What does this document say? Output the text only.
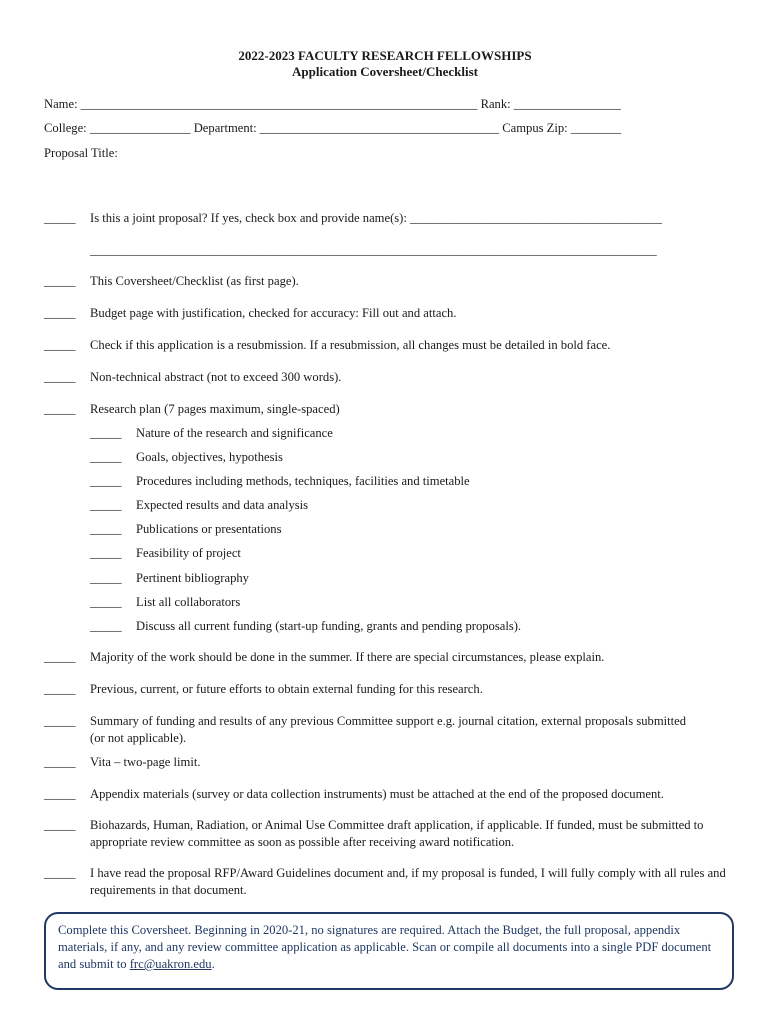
2022-2023 FACULTY RESEARCH FELLOWSHIPS
Application Coversheet/Checklist
Name: _______________________________________________________________ Rank: _________________
College: ________________ Department: ______________________________________ Campus Zip: ________
Proposal Title:
_____ Is this a joint proposal? If yes, check box and provide name(s): ________________________________________
__________________________________________________________________________________________
_____ This Coversheet/Checklist (as first page).
_____ Budget page with justification, checked for accuracy: Fill out and attach.
_____ Check if this application is a resubmission. If a resubmission, all changes must be detailed in bold face.
_____ Non-technical abstract (not to exceed 300 words).
_____ Research plan (7 pages maximum, single-spaced)
_____ Nature of the research and significance
_____ Goals, objectives, hypothesis
_____ Procedures including methods, techniques, facilities and timetable
_____ Expected results and data analysis
_____ Publications or presentations
_____ Feasibility of project
_____ Pertinent bibliography
_____ List all collaborators
_____ Discuss all current funding (start-up funding, grants and pending proposals).
_____ Majority of the work should be done in the summer. If there are special circumstances, please explain.
_____ Previous, current, or future efforts to obtain external funding for this research.
_____ Summary of funding and results of any previous Committee support e.g. journal citation, external proposals submitted (or not applicable).
_____ Vita – two-page limit.
_____ Appendix materials (survey or data collection instruments) must be attached at the end of the proposed document.
_____ Biohazards, Human, Radiation, or Animal Use Committee draft application, if applicable. If funded, must be submitted to appropriate review committee as soon as possible after receiving award notification.
_____ I have read the proposal RFP/Award Guidelines document and, if my proposal is funded, I will fully comply with all rules and requirements in that document.
Complete this Coversheet. Beginning in 2020-21, no signatures are required. Attach the Budget, the full proposal, appendix materials, if any, and any review committee application as applicable. Scan or compile all documents into a single PDF document and submit to frc@uakron.edu.
